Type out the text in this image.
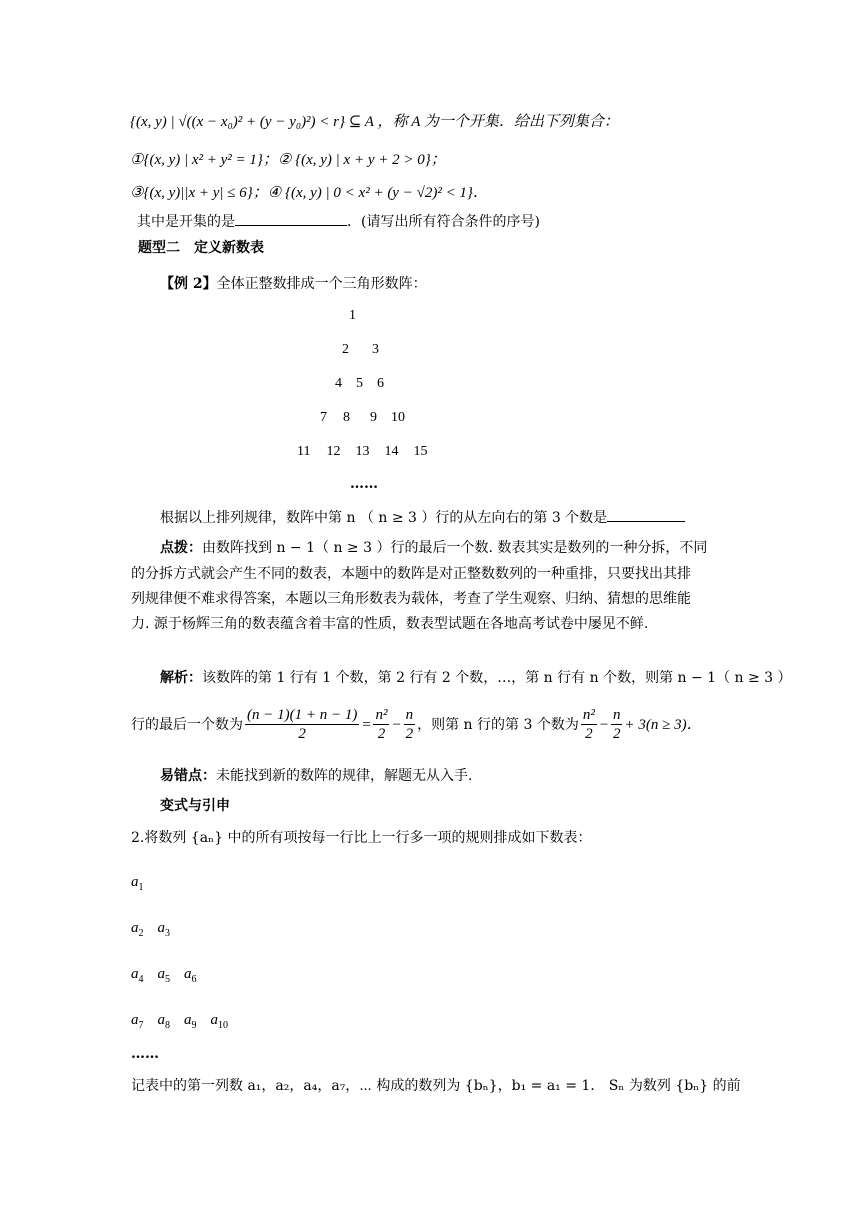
{(x, y) | √((x − x₀)² + (y − y₀)²) < r} ⊆ A ，称 A 为一个开集．给出下列集合：
①{(x, y) | x² + y² = 1}；② {(x, y) | x + y + 2 > 0}；
③{(x, y)||x + y| ≤ 6}；④ {(x, y) | 0 < x² + (y − √2)² < 1}．
其中是开集的是	．(请写出所有符合条件的序号)
题型二　定义新数表
【例 2】全体正整数排成一个三角形数阵：
1
2 3
4 5 6
7 8 9 10
11 12 13 14 15
……
根据以上排列规律，数阵中第 n （ n ≥ 3 ）行的从左向右的第 3 个数是
点拨：由数阵找到 n − 1（ n ≥ 3 ）行的最后一个数. 数表其实是数列的一种分拆，不同
的分拆方式就会产生不同的数表，本题中的数阵是对正整数数列的一种重排，只要找出其排
列规律便不难求得答案，本题以三角形数表为载体，考查了学生观察、归纳、猜想的思维能
力. 源于杨辉三角的数表蕴含着丰富的性质，数表型试题在各地高考试卷中屡见不鲜.
解析：该数阵的第 1 行有 1 个数，第 2 行有 2 个数，…，第 n 行有 n 个数，则第 n − 1（ n ≥ 3 ）
行的最后一个数为 $\frac{(n - 1)(1 + n - 1)}{2} = \frac{\text{n²}}{2} - \frac{n}{2}$ ，则第 n 行的第 3 个数为 $\frac{\text{n²}}{2} - \frac{n}{2} + 3(n \ge 3)$．
易错点：未能找到新的数阵的规律，解题无从入手.
变式与引申
2.将数列 {aₙ} 中的所有项按每一行比上一行多一项的规则排成如下数表：
$a_1$
$a_2$ $a_3$
$a_4$ $a_5$ $a_6$
$a_7$ $a_8$ $a_9$ $a_{10}$
……
记表中的第一列数 a₁，a₂，a₄，a₇，⋯ 构成的数列为 {bₙ}，b₁ = a₁ = 1． Sₙ 为数列 {bₙ} 的前
